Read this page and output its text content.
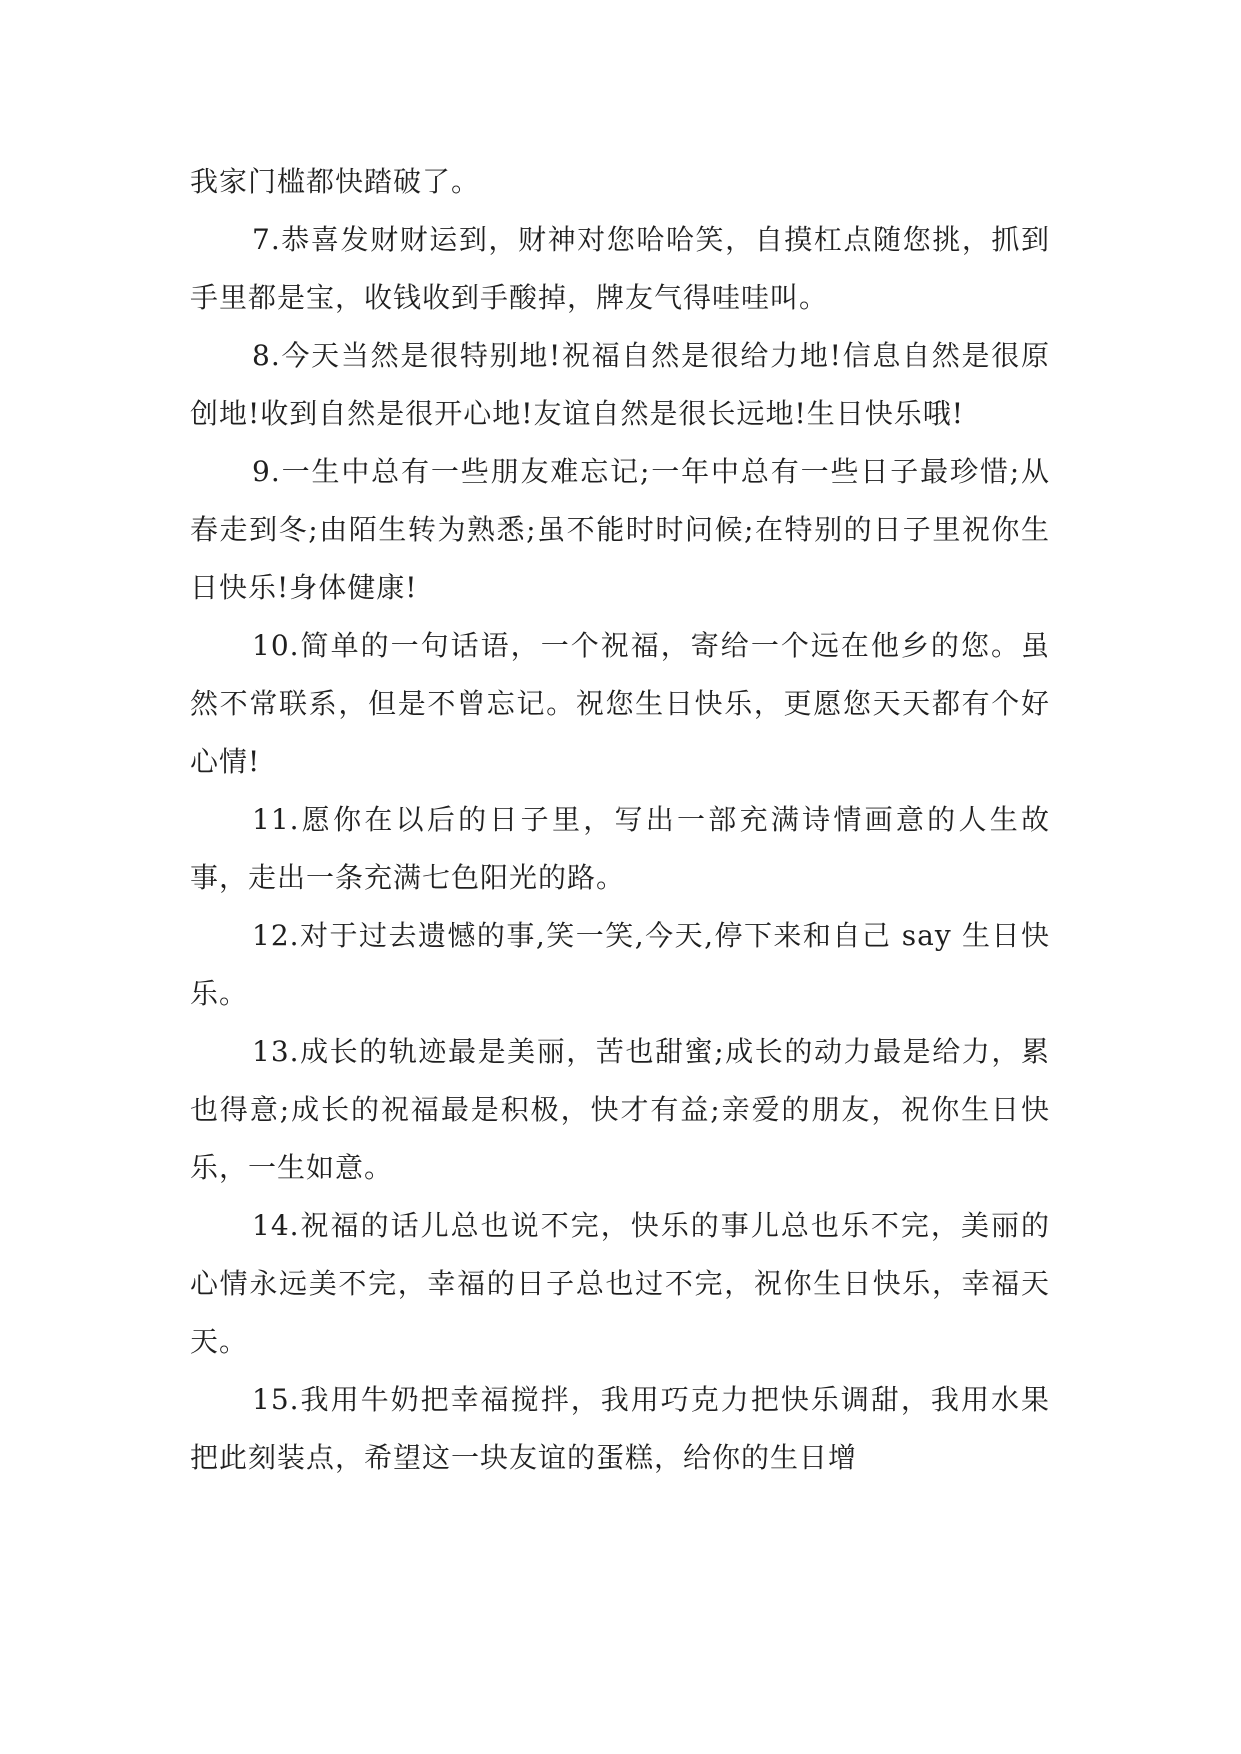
我家门槛都快踏破了。

7.恭喜发财财运到，财神对您哈哈笑，自摸杠点随您挑，抓到手里都是宝，收钱收到手酸掉，牌友气得哇哇叫。

8.今天当然是很特别地!祝福自然是很给力地!信息自然是很原创地!收到自然是很开心地!友谊自然是很长远地!生日快乐哦!

9.一生中总有一些朋友难忘记;一年中总有一些日子最珍惜;从春走到冬;由陌生转为熟悉;虽不能时时问候;在特别的日子里祝你生日快乐!身体健康!

10.简单的一句话语，一个祝福，寄给一个远在他乡的您。虽然不常联系，但是不曾忘记。祝您生日快乐，更愿您天天都有个好心情!

11.愿你在以后的日子里，写出一部充满诗情画意的人生故事，走出一条充满七色阳光的路。

12.对于过去遗憾的事,笑一笑,今天,停下来和自己 say 生日快乐。

13.成长的轨迹最是美丽，苦也甜蜜;成长的动力最是给力，累也得意;成长的祝福最是积极，快才有益;亲爱的朋友，祝你生日快乐，一生如意。

14.祝福的话儿总也说不完，快乐的事儿总也乐不完，美丽的心情永远美不完，幸福的日子总也过不完，祝你生日快乐，幸福天天。

15.我用牛奶把幸福搅拌，我用巧克力把快乐调甜，我用水果把此刻装点，希望这一块友谊的蛋糕，给你的生日增
